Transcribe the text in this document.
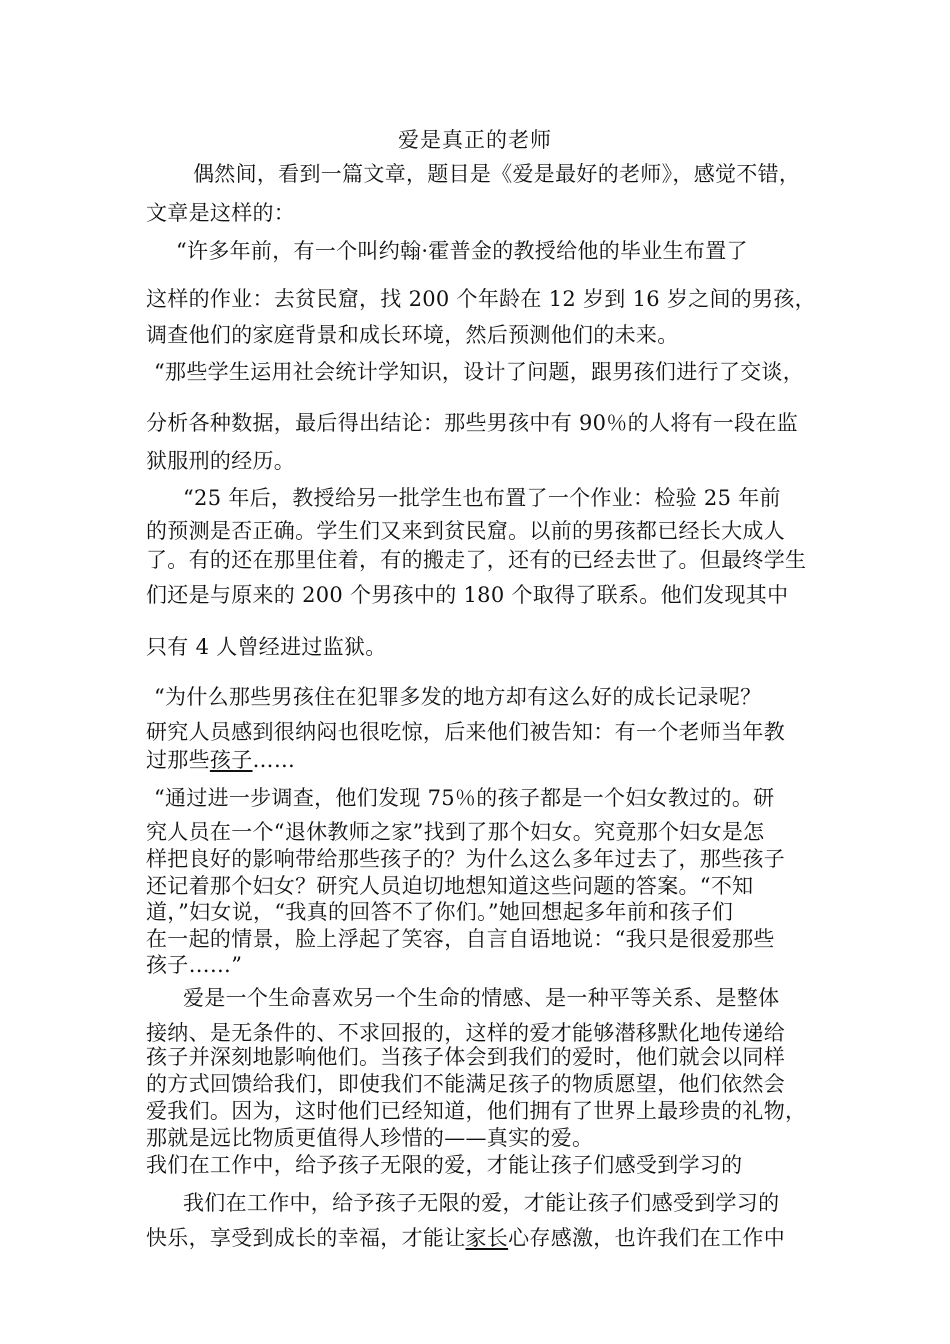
爱是真正的老师
偶然间，看到一篇文章，题目是《爱是最好的老师》，感觉不错，
文章是这样的：
“许多年前，有一个叫约翰·霍普金的教授给他的毕业生布置了
这样的作业：去贫民窟，找 200 个年龄在 12 岁到 16 岁之间的男孩，
调查他们的家庭背景和成长环境，然后预测他们的未来。
“那些学生运用社会统计学知识，设计了问题，跟男孩们进行了交谈，
分析各种数据，最后得出结论：那些男孩中有 90％的人将有一段在监
狱服刑的经历。
“25 年后，教授给另一批学生也布置了一个作业：检验 25 年前
的预测是否正确。学生们又来到贫民窟。以前的男孩都已经长大成人
了。有的还在那里住着，有的搬走了，还有的已经去世了。但最终学生
们还是与原来的 200 个男孩中的 180 个取得了联系。他们发现其中
只有 4 人曾经进过监狱。
“为什么那些男孩住在犯罪多发的地方却有这么好的成长记录呢？
研究人员感到很纳闷也很吃惊，后来他们被告知：有一个老师当年教
过那些孩子……
“通过进一步调查，他们发现 75％的孩子都是一个妇女教过的。研
究人员在一个“退休教师之家”找到了那个妇女。究竟那个妇女是怎
样把良好的影响带给那些孩子的？为什么这么多年过去了，那些孩子
还记着那个妇女？研究人员迫切地想知道这些问题的答案。“不知
道，”妇女说，“我真的回答不了你们。”她回想起多年前和孩子们
在一起的情景，脸上浮起了笑容，自言自语地说：“我只是很爱那些
孩子……”
爱是一个生命喜欢另一个生命的情感、是一种平等关系、是整体
接纳、是无条件的、不求回报的，这样的爱才能够潜移默化地传递给
孩子并深刻地影响他们。当孩子体会到我们的爱时，他们就会以同样
的方式回馈给我们，即使我们不能满足孩子的物质愿望，他们依然会
爱我们。因为，这时他们已经知道，他们拥有了世界上最珍贵的礼物，
那就是远比物质更值得人珍惜的——真实的爱。
我们在工作中，给予孩子无限的爱，才能让孩子们感受到学习的
我们在工作中，给予孩子无限的爱，才能让孩子们感受到学习的
快乐，享受到成长的幸福，才能让家长心存感激，也许我们在工作中
